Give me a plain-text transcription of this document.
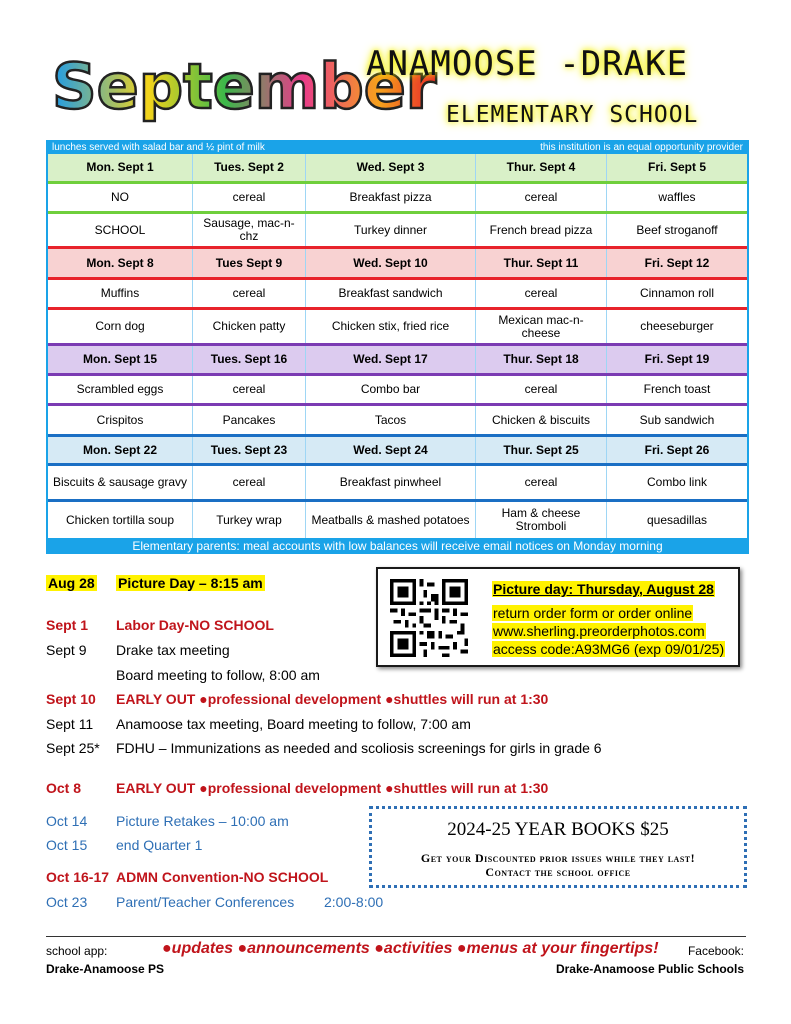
September
ANAMOOSE -DRAKE
ELEMENTARY SCHOOL
lunches served with salad bar and ½ pint of milk	this institution is an equal opportunity provider
Mon. Sept 1	Tues. Sept 2	Wed. Sept 3	Thur. Sept 4	Fri. Sept 5
NO	cereal	Breakfast pizza	cereal	waffles
SCHOOL	Sausage, mac-n-chz	Turkey dinner	French bread pizza	Beef stroganoff
Mon. Sept 8	Tues Sept 9	Wed. Sept 10	Thur. Sept 11	Fri. Sept 12
Muffins	cereal	Breakfast sandwich	cereal	Cinnamon roll
Corn dog	Chicken patty	Chicken stix, fried rice	Mexican mac-n-cheese	cheeseburger
Mon. Sept 15	Tues. Sept 16	Wed. Sept 17	Thur. Sept 18	Fri. Sept 19
Scrambled eggs	cereal	Combo bar	cereal	French toast
Crispitos	Pancakes	Tacos	Chicken & biscuits	Sub sandwich
Mon. Sept 22	Tues. Sept 23	Wed. Sept 24	Thur. Sept 25	Fri. Sept 26
Biscuits & sausage gravy	cereal	Breakfast pinwheel	cereal	Combo link
Chicken tortilla soup	Turkey wrap	Meatballs & mashed potatoes	Ham & cheese Stromboli	quesadillas
Elementary parents: meal accounts with low balances will receive email notices on Monday morning
Aug 28 Picture Day – 8:15 am
Sept 1 Labor Day-NO SCHOOL
Sept 9 Drake tax meeting
Board meeting to follow, 8:00 am
Sept 10 EARLY OUT ●professional development ●shuttles will run at 1:30
Sept 11 Anamoose tax meeting, Board meeting to follow, 7:00 am
Sept 25* FDHU – Immunizations as needed and scoliosis screenings for girls in grade 6
Oct 8 EARLY OUT ●professional development ●shuttles will run at 1:30
Oct 14 Picture Retakes – 10:00 am
Oct 15 end Quarter 1
Oct 16-17 ADMN Convention-NO SCHOOL
Oct 23 Parent/Teacher Conferences 2:00-8:00
Picture day: Thursday, August 28
return order form or order online
www.sherling.preorderphotos.com
access code:A93MG6 (exp 09/01/25)
2024-25 YEAR BOOKS $25
Get your Discounted prior issues while they last!
Contact the school office
school app:
Drake-Anamoose PS
●updates ●announcements ●activities ●menus at your fingertips! Facebook:
Drake-Anamoose Public Schools
